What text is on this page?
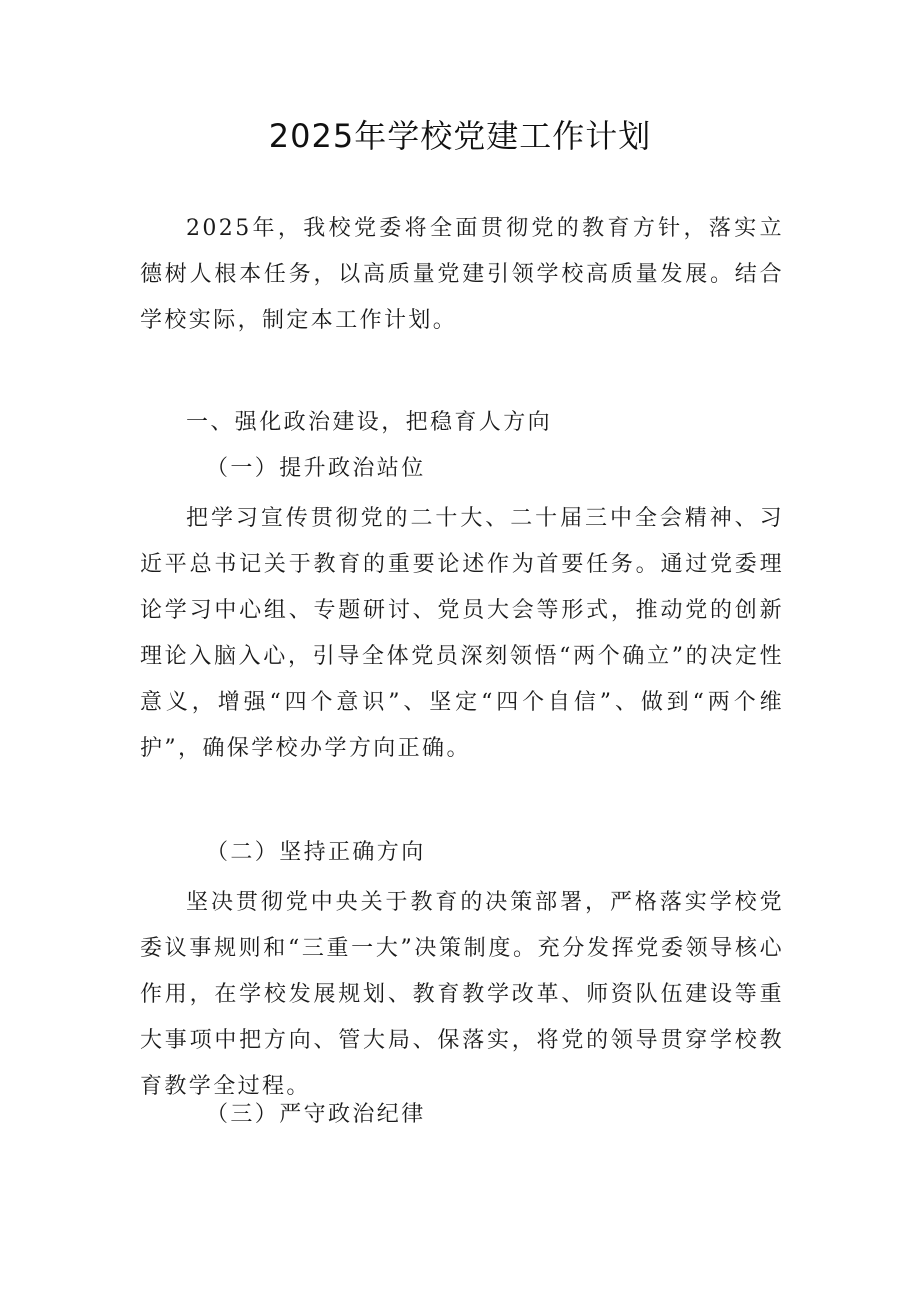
2025年学校党建工作计划

2025年，我校党委将全面贯彻党的教育方针，落实立德树人根本任务，以高质量党建引领学校高质量发展。结合学校实际，制定本工作计划。

一、强化政治建设，把稳育人方向
（一）提升政治站位

把学习宣传贯彻党的二十大、二十届三中全会精神、习近平总书记关于教育的重要论述作为首要任务。通过党委理论学习中心组、专题研讨、党员大会等形式，推动党的创新理论入脑入心，引导全体党员深刻领悟“两个确立”的决定性意义，增强“四个意识”、坚定“四个自信”、做到“两个维护”，确保学校办学方向正确。

（二）坚持正确方向

坚决贯彻党中央关于教育的决策部署，严格落实学校党委议事规则和“三重一大”决策制度。充分发挥党委领导核心作用，在学校发展规划、教育教学改革、师资队伍建设等重大事项中把方向、管大局、保落实，将党的领导贯穿学校教育教学全过程。

（三）严守政治纪律
